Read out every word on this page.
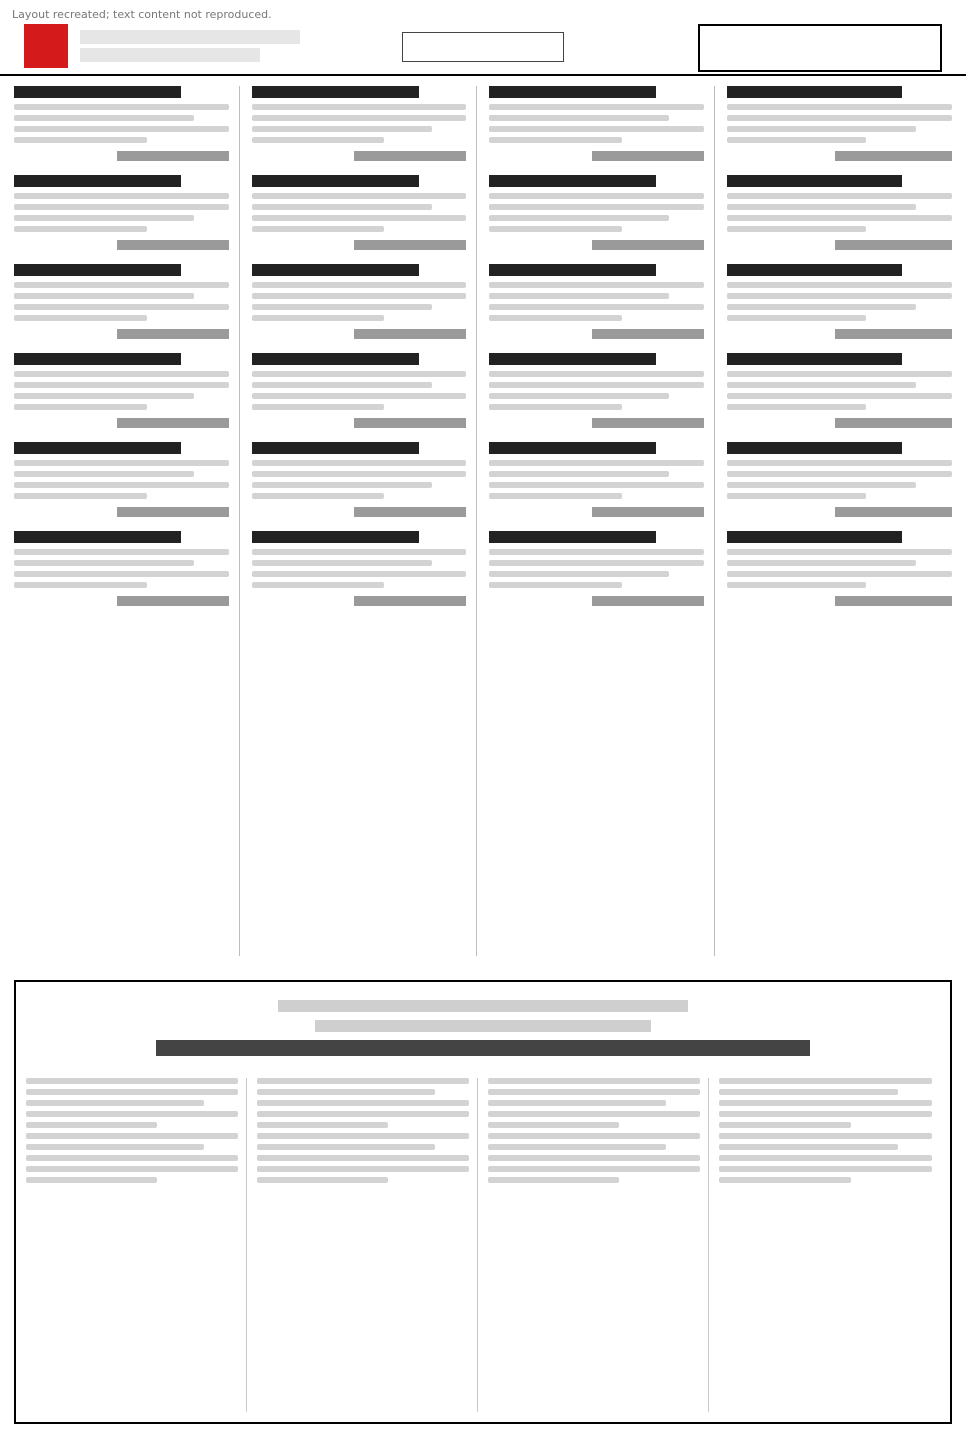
Layout recreated; text content not reproduced.
